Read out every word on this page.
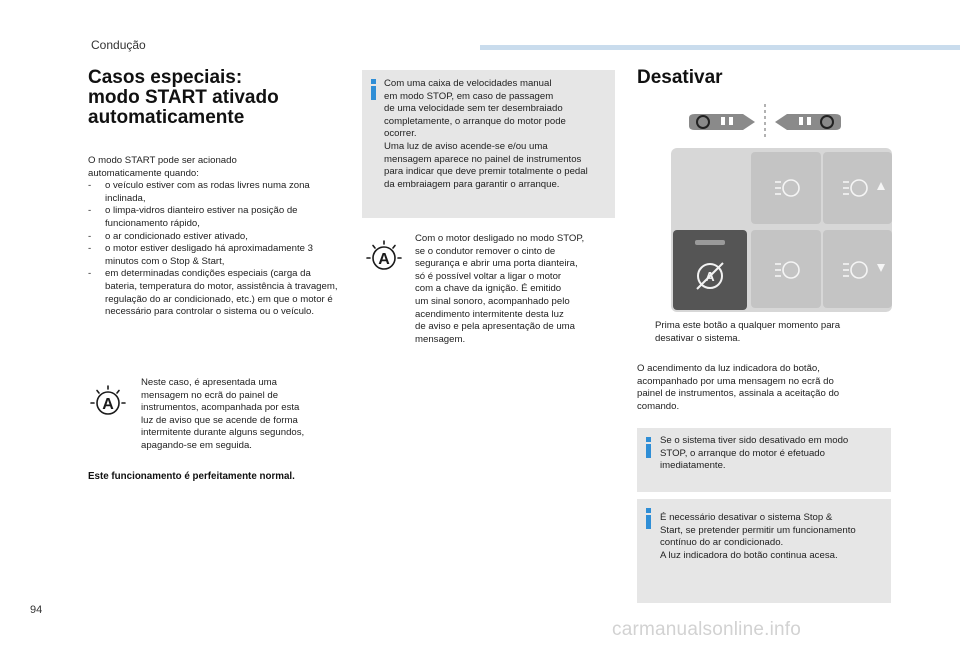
Condução
Casos especiais:
modo START ativado
automaticamente
O modo START pode ser acionado
automaticamente quando:
- o veículo estiver com as rodas livres numa zona inclinada,
- o limpa-vidros dianteiro estiver na posição de funcionamento rápido,
- o ar condicionado estiver ativado,
- o motor estiver desligado há aproximadamente 3 minutos com o Stop & Start,
- em determinadas condições especiais (carga da bateria, temperatura do motor, assistência à travagem, regulação do ar condicionado, etc.) em que o motor é necessário para controlar o sistema ou o veículo.
A
Neste caso, é apresentada uma
mensagem no ecrã do painel de
instrumentos, acompanhada por esta
luz de aviso que se acende de forma
intermitente durante alguns segundos,
apagando-se em seguida.
Este funcionamento é perfeitamente normal.
Com uma caixa de velocidades manual
em modo STOP, em caso de passagem
de uma velocidade sem ter desembraiado
completamente, o arranque do motor pode
ocorrer.
Uma luz de aviso acende-se e/ou uma
mensagem aparece no painel de instrumentos
para indicar que deve premir totalmente o pedal
da embraiagem para garantir o arranque.
A
Com o motor desligado no modo STOP,
se o condutor remover o cinto de
segurança e abrir uma porta dianteira,
só é possível voltar a ligar o motor
com a chave da ignição. É emitido
um sinal sonoro, acompanhado pelo
acendimento intermitente desta luz
de aviso e pela apresentação de uma
mensagem.
Desativar
A
Prima este botão a qualquer momento para
desativar o sistema.
O acendimento da luz indicadora do botão,
acompanhado por uma mensagem no ecrã do
painel de instrumentos, assinala a aceitação do
comando.
Se o sistema tiver sido desativado em modo
STOP, o arranque do motor é efetuado
imediatamente.
É necessário desativar o sistema Stop &
Start, se pretender permitir um funcionamento
contínuo do ar condicionado.
A luz indicadora do botão continua acesa.
94
carmanualsonline.info
